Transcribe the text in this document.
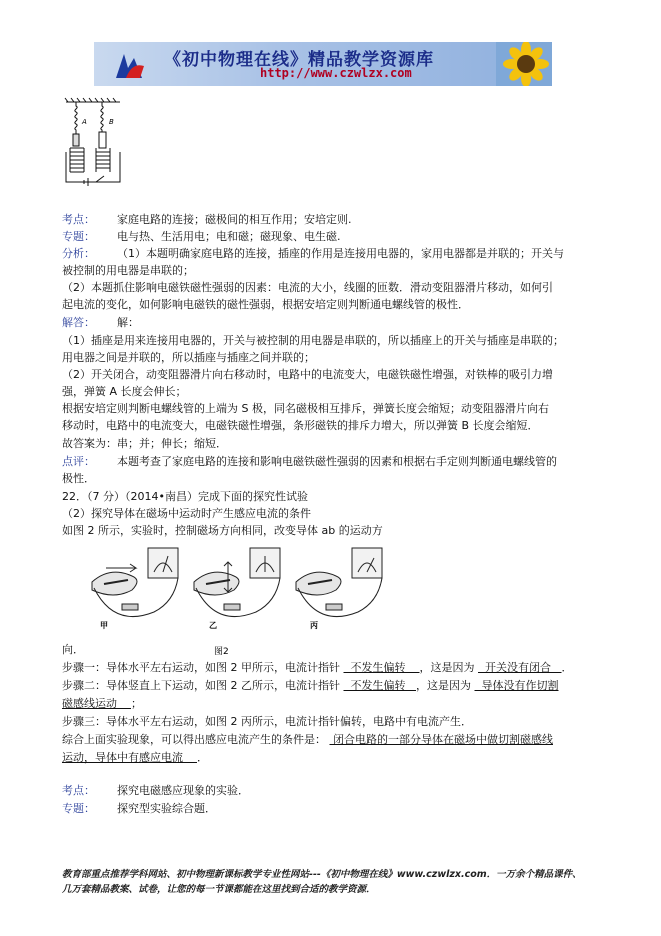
《初中物理在线》精品教学资源库
http://www.czwlzx.com
A	B
考点： 家庭电路的连接；磁极间的相互作用；安培定则.
专题： 电与热、生活用电；电和磁；磁现象、电生磁.
分析： （1）本题明确家庭电路的连接，插座的作用是连接用电器的，家用电器都是并联的；开关与
被控制的用电器是串联的；
（2）本题抓住影响电磁铁磁性强弱的因素：电流的大小，线圈的匝数．滑动变阻器滑片移动，如何引
起电流的变化，如何影响电磁铁的磁性强弱，根据安培定则判断通电螺线管的极性．
解答： 解：
（1）插座是用来连接用电器的，开关与被控制的用电器是串联的，所以插座上的开关与插座是串联的；
用电器之间是并联的，所以插座与插座之间并联的；
（2）开关闭合，动变阻器滑片向右移动时，电路中的电流变大，电磁铁磁性增强，对铁棒的吸引力增
强，弹簧 A 长度会伸长；
根据安培定则判断电螺线管的上端为 S 极，同名磁极相互排斥，弹簧长度会缩短；动变阻器滑片向右
移动时，电路中的电流变大，电磁铁磁性增强，条形磁铁的排斥力增大，所以弹簧 B 长度会缩短．
故答案为：串；并；伸长；缩短．
点评： 本题考查了家庭电路的连接和影响电磁铁磁性强弱的因素和根据右手定则判断通电螺线管的
极性．
22．（7 分）（2014•南昌）完成下面的探究性试验
（2）探究导体在磁场中运动时产生感应电流的条件
如图 2 所示，实验时，控制磁场方向相同，改变导体 ab 的运动方
甲	乙	丙
图2
向．
步骤一：导体水平左右运动，如图 2 甲所示，电流计指针 不发生偏转 ，这是因为 开关没有闭合 ．
步骤二：导体竖直上下运动，如图 2 乙所示，电流计指针 不发生偏转 ，这是因为 导体没有作切割
磁感线运动 ；
步骤三：导体水平左右运动，如图 2 丙所示，电流计指针偏转，电路中有电流产生．
综合上面实验现象，可以得出感应电流产生的条件是： 闭合电路的一部分导体在磁场中做切割磁感线
运动，导体中有感应电流 ．
考点： 探究电磁感应现象的实验．
专题： 探究型实验综合题．
教育部重点推荐学科网站、初中物理新课标教学专业性网站---《初中物理在线》www.czwlzx.com．一万余个精品课件、
几万套精品教案、试卷，让您的每一节课都能在这里找到合适的教学资源．
